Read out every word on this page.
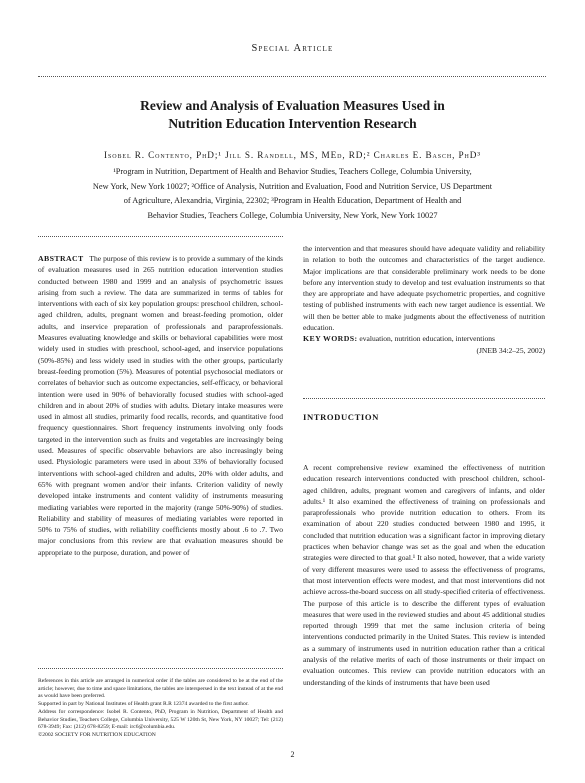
Special Article
Review and Analysis of Evaluation Measures Used in
Nutrition Education Intervention Research
Isobel R. Contento, PhD;¹ Jill S. Randell, MS, MEd, RD;² Charles E. Basch, PhD³
¹Program in Nutrition, Department of Health and Behavior Studies, Teachers College, Columbia University,
New York, New York 10027; ²Office of Analysis, Nutrition and Evaluation, Food and Nutrition Service, US Department
of Agriculture, Alexandria, Virginia, 22302; ³Program in Health Education, Department of Health and
Behavior Studies, Teachers College, Columbia University, New York, New York 10027

ABSTRACT The purpose of this review is to provide a summary of the kinds of evaluation measures used in 265 nutrition education intervention studies conducted between 1980 and 1999 and an analysis of psychometric issues arising from such a review. The data are summarized in terms of tables for interventions with each of six key population groups: preschool children, school-aged children, adults, pregnant women and breast-feeding promotion, older adults, and inservice preparation of professionals and paraprofessionals. Measures evaluating knowledge and skills or behavioral capabilities were most widely used in studies with preschool, school-aged, and inservice populations (50%-85%) and less widely used in studies with the other groups, particularly breast-feeding promotion (5%). Measures of potential psychosocial mediators or correlates of behavior such as outcome expectancies, self-efficacy, or behavioral intention were used in 90% of behaviorally focused studies with school-aged children and in about 20% of studies with adults. Dietary intake measures were used in almost all studies, primarily food recalls, records, and quantitative food frequency questionnaires. Short frequency instruments involving only foods targeted in the intervention such as fruits and vegetables are increasingly being used. Measures of specific observable behaviors are also increasingly being used. Physiologic parameters were used in about 33% of behaviorally focused interventions with school-aged children and adults, 20% with older adults, and 65% with pregnant women and/or their infants. Criterion validity of newly developed intake instruments and content validity of instruments measuring mediating variables were reported in the majority (range 50%-90%) of studies. Reliability and stability of measures of mediating variables were reported in 50% to 75% of studies, with reliability coefficients mostly about .6 to .7. Two major conclusions from this review are that evaluation measures should be appropriate to the purpose, duration, and power of

the intervention and that measures should have adequate validity and reliability in relation to both the outcomes and characteristics of the target audience. Major implications are that considerable preliminary work needs to be done before any intervention study to develop and test evaluation instruments so that they are appropriate and have adequate psychometric properties, and cognitive testing of published instruments with each new target audience is essential. We will then be better able to make judgments about the effectiveness of nutrition education.

KEY WORDS: evaluation, nutrition education, interventions

(JNEB 34:2–25, 2002)

INTRODUCTION

A recent comprehensive review examined the effectiveness of nutrition education research interventions conducted with preschool children, school-aged children, adults, pregnant women and caregivers of infants, and older adults.¹ It also examined the effectiveness of training on professionals and paraprofessionals who provide nutrition education to others. From its examination of about 220 studies conducted between 1980 and 1995, it concluded that nutrition education was a significant factor in improving dietary practices when behavior change was set as the goal and when the education strategies were directed to that goal.¹ It also noted, however, that a wide variety of very different measures were used to assess the effectiveness of programs, that most intervention effects were modest, and that most interventions did not achieve across-the-board success on all study-specified criteria of effectiveness. The purpose of this article is to describe the different types of evaluation measures that were used in the reviewed studies and about 45 additional studies reported through 1999 that met the same inclusion criteria of being interventions conducted primarily in the United States. This review is intended as a summary of instruments used in nutrition education rather than a critical analysis of the relative merits of each of those instruments or their impact on evaluation outcomes. This review can provide nutrition educators with an understanding of the kinds of instruments that have been used

References in this article are arranged in numerical order if the tables are considered to be at the end of the article; however, due to time and space limitations, the tables are interspersed in the text instead of at the end as would have been preferred.

Supported in part by National Institutes of Health grant R.R 12374 awarded to the first author.

Address for correspondence: Isobel R. Contento, PhD, Program in Nutrition, Department of Health and Behavior Studies, Teachers College, Columbia University, 525 W 120th St, New York, NY 10027; Tel: (212) 678-3949; Fax: (212) 678-8259; E-mail: irc6@columbia.edu.

©2002 SOCIETY FOR NUTRITION EDUCATION

2
